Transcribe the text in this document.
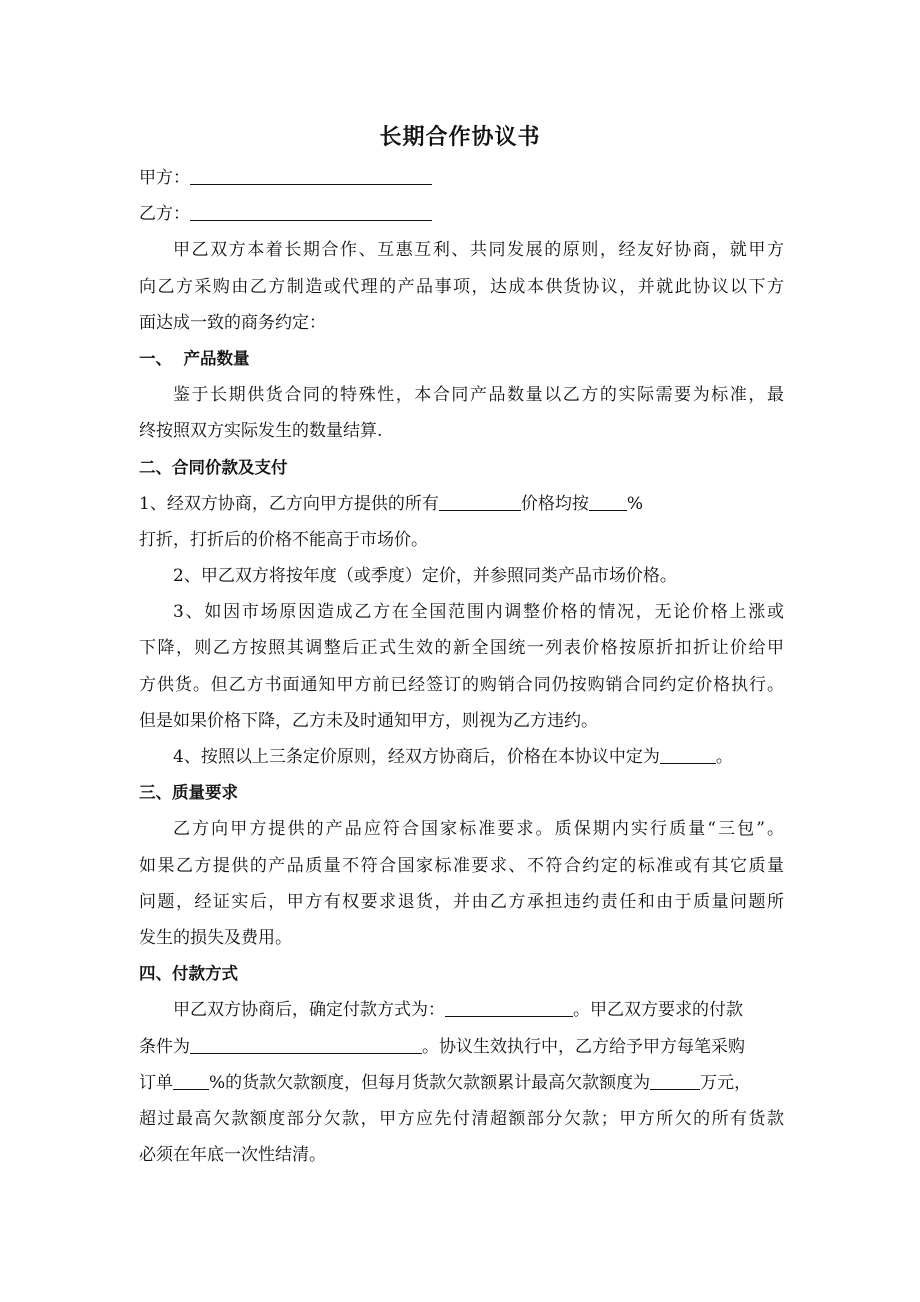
长期合作协议书
甲方：
乙方：
甲乙双方本着长期合作、互惠互利、共同发展的原则，经友好协商，就甲方
向乙方采购由乙方制造或代理的产品事项，达成本供货协议，并就此协议以下方
面达成一致的商务约定：
一、  产品数量
鉴于长期供货合同的特殊性，本合同产品数量以乙方的实际需要为标准，最
终按照双方实际发生的数量结算.
二、合同价款及支付
1、经双方协商，乙方向甲方提供的所有	价格均按 %
打折，打折后的价格不能高于市场价。
2、甲乙双方将按年度（或季度）定价，并参照同类产品市场价格。
3、如因市场原因造成乙方在全国范围内调整价格的情况，无论价格上涨或
下降，则乙方按照其调整后正式生效的新全国统一列表价格按原折扣折让价给甲
方供货。但乙方书面通知甲方前已经签订的购销合同仍按购销合同约定价格执行。
但是如果价格下降，乙方未及时通知甲方，则视为乙方违约。
4、按照以上三条定价原则，经双方协商后，价格在本协议中定为	。
三、质量要求
乙方向甲方提供的产品应符合国家标准要求。质保期内实行质量“三包”。
如果乙方提供的产品质量不符合国家标准要求、不符合约定的标准或有其它质量
问题，经证实后，甲方有权要求退货，并由乙方承担违约责任和由于质量问题所
发生的损失及费用。
四、付款方式
甲乙双方协商后，确定付款方式为：	。甲乙双方要求的付款
条件为	。协议生效执行中，乙方给予甲方每笔采购
订单 %的货款欠款额度，但每月货款欠款额累计最高欠款额度为	万元，
超过最高欠款额度部分欠款，甲方应先付清超额部分欠款；甲方所欠的所有货款
必须在年底一次性结清。
